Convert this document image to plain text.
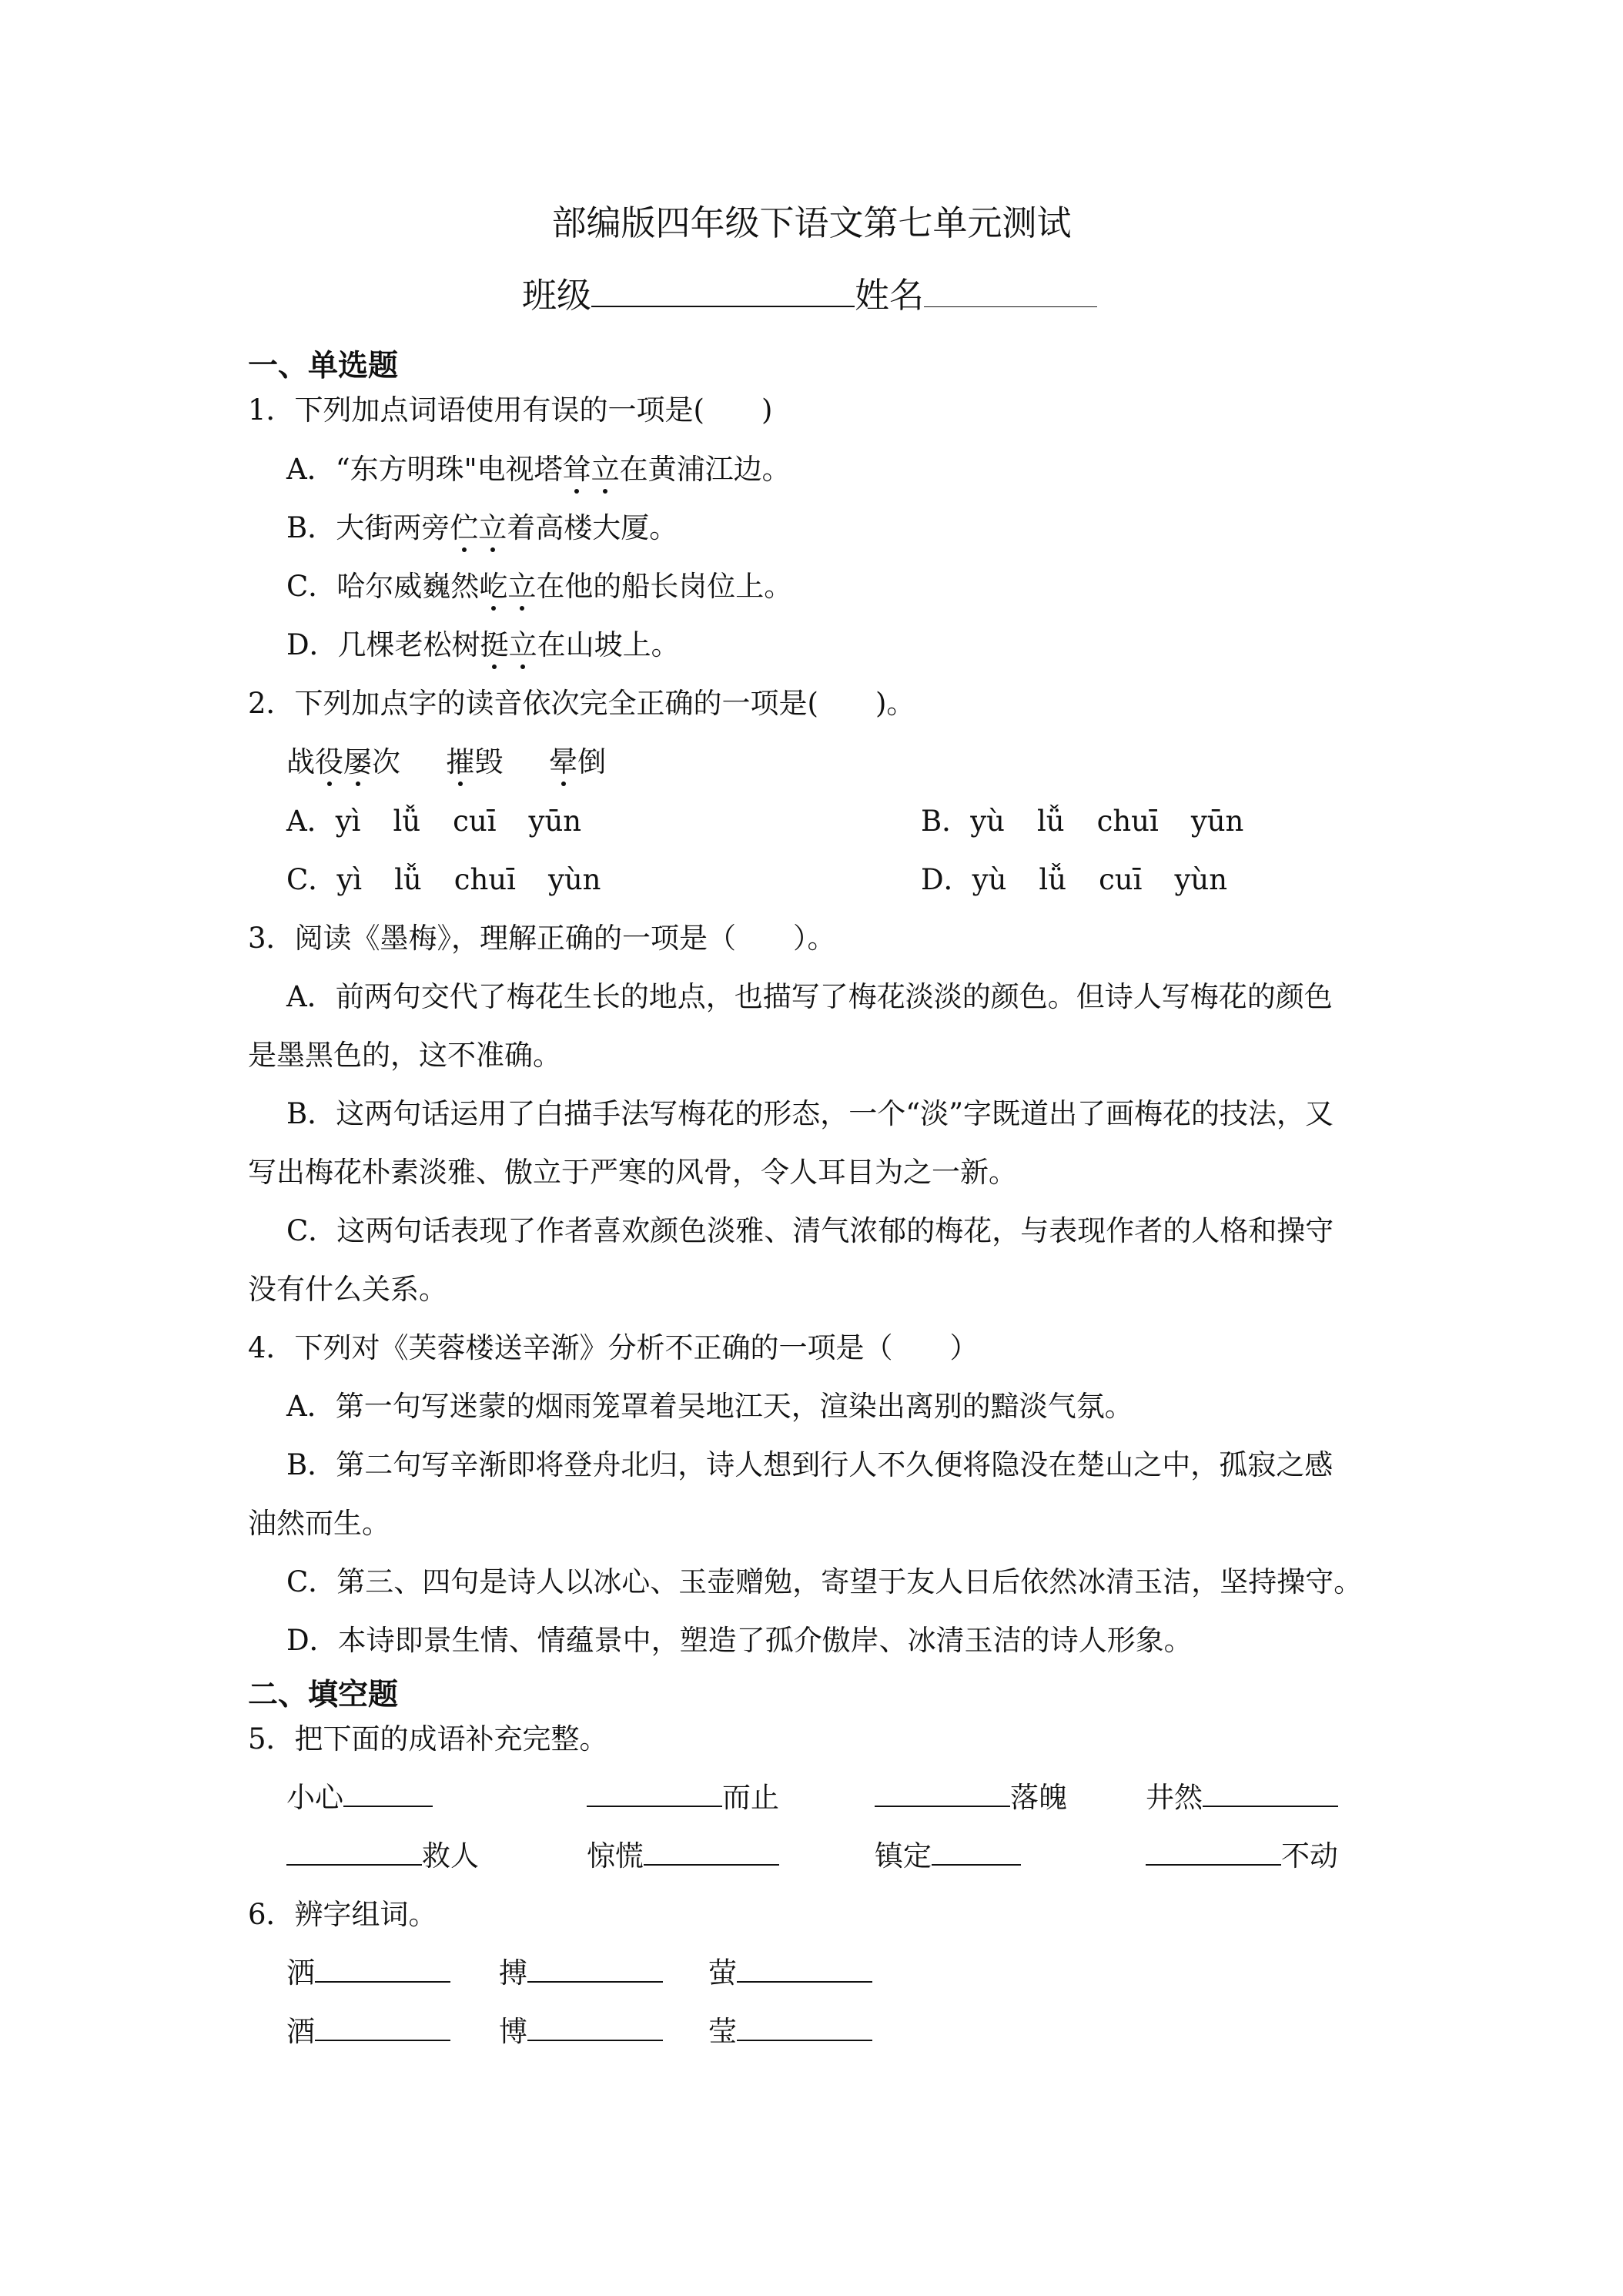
部编版四年级下语文第七单元测试
班级	姓名
一、单选题
1．下列加点词语使用有误的一项是(　　)
A．“东方明珠"电视塔耸立在黄浦江边。
B．大街两旁伫立着高楼大厦。
C．哈尔威巍然屹立在他的船长岗位上。
D．几棵老松树挺立在山坡上。
2．下列加点字的读音依次完全正确的一项是(　　)。
战役屡次 摧毁 晕倒
A．yì lǚ cuī yūn	B．yù lǚ chuī yūn
C．yì lǚ chuī yùn	D．yù lǚ cuī yùn
3．阅读《墨梅》，理解正确的一项是（　　）。
A．前两句交代了梅花生长的地点，也描写了梅花淡淡的颜色。但诗人写梅花的颜色
是墨黑色的，这不准确。
B．这两句话运用了白描手法写梅花的形态，一个“淡”字既道出了画梅花的技法，又
写出梅花朴素淡雅、傲立于严寒的风骨，令人耳目为之一新。
C．这两句话表现了作者喜欢颜色淡雅、清气浓郁的梅花，与表现作者的人格和操守
没有什么关系。
4．下列对《芙蓉楼送辛渐》分析不正确的一项是（　　）
A．第一句写迷蒙的烟雨笼罩着吴地江天，渲染出离别的黯淡气氛。
B．第二句写辛渐即将登舟北归，诗人想到行人不久便将隐没在楚山之中，孤寂之感
油然而生。
C．第三、四句是诗人以冰心、玉壶赠勉，寄望于友人日后依然冰清玉洁，坚持操守。
D．本诗即景生情、情蕴景中，塑造了孤介傲岸、冰清玉洁的诗人形象。
二、填空题
5．把下面的成语补充完整。
小心	而止	落魄	井然
救人	惊慌	镇定	不动
6．辨字组词。
洒	搏	萤
酒	博	莹
